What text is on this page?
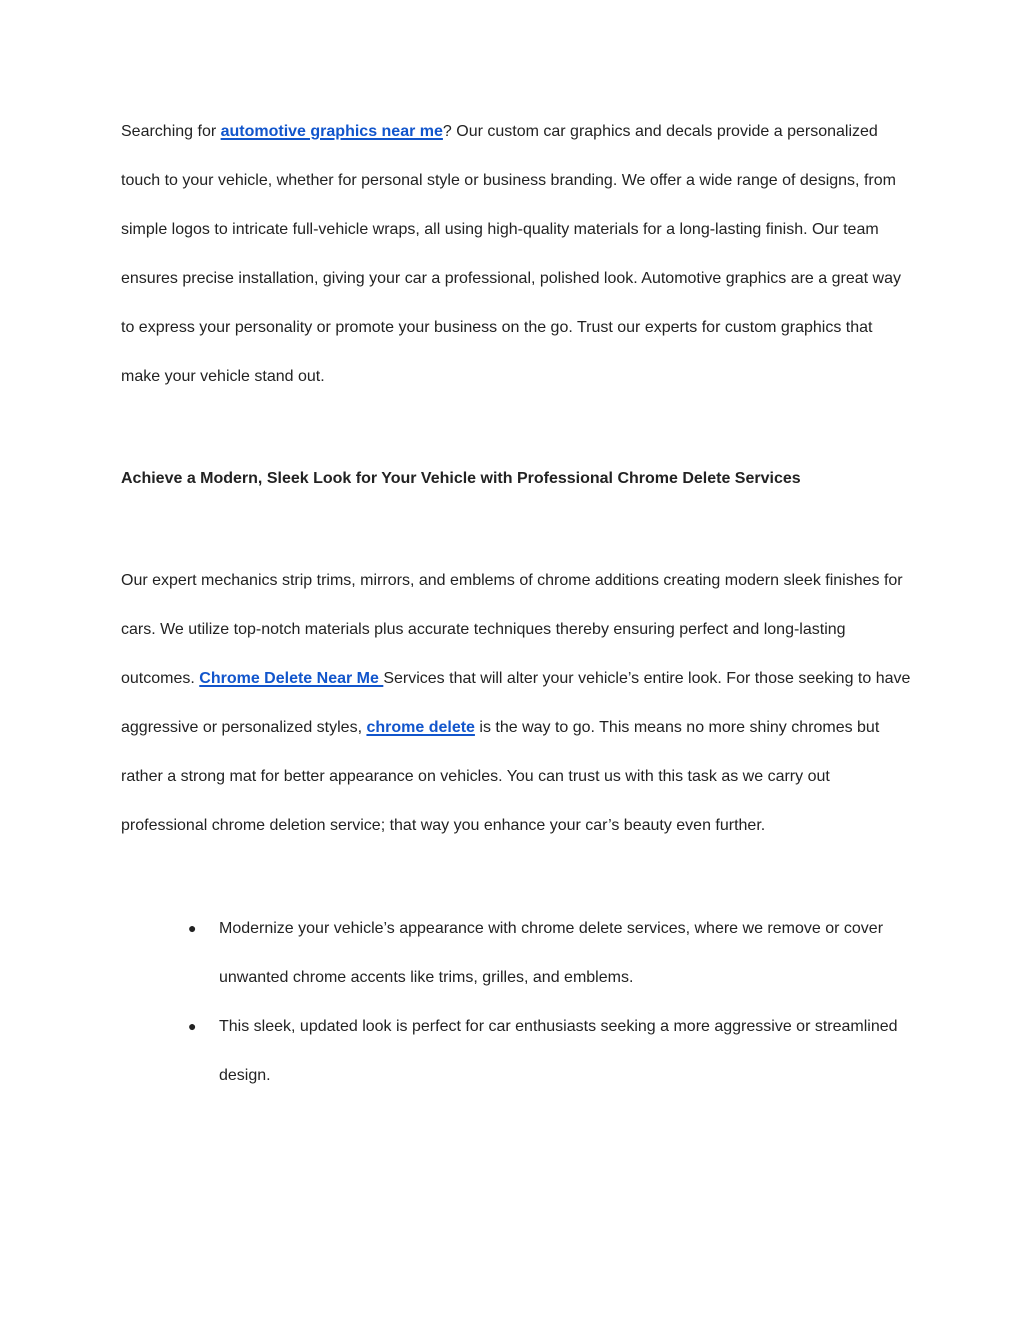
Searching for automotive graphics near me? Our custom car graphics and decals provide a personalized touch to your vehicle, whether for personal style or business branding. We offer a wide range of designs, from simple logos to intricate full-vehicle wraps, all using high-quality materials for a long-lasting finish. Our team ensures precise installation, giving your car a professional, polished look. Automotive graphics are a great way to express your personality or promote your business on the go. Trust our experts for custom graphics that make your vehicle stand out.

Achieve a Modern, Sleek Look for Your Vehicle with Professional Chrome Delete Services

Our expert mechanics strip trims, mirrors, and emblems of chrome additions creating modern sleek finishes for cars. We utilize top-notch materials plus accurate techniques thereby ensuring perfect and long-lasting outcomes. Chrome Delete Near Me Services that will alter your vehicle’s entire look. For those seeking to have aggressive or personalized styles, chrome delete is the way to go. This means no more shiny chromes but rather a strong mat for better appearance on vehicles. You can trust us with this task as we carry out professional chrome deletion service; that way you enhance your car’s beauty even further.

● Modernize your vehicle’s appearance with chrome delete services, where we remove or cover unwanted chrome accents like trims, grilles, and emblems.
● This sleek, updated look is perfect for car enthusiasts seeking a more aggressive or streamlined design.
